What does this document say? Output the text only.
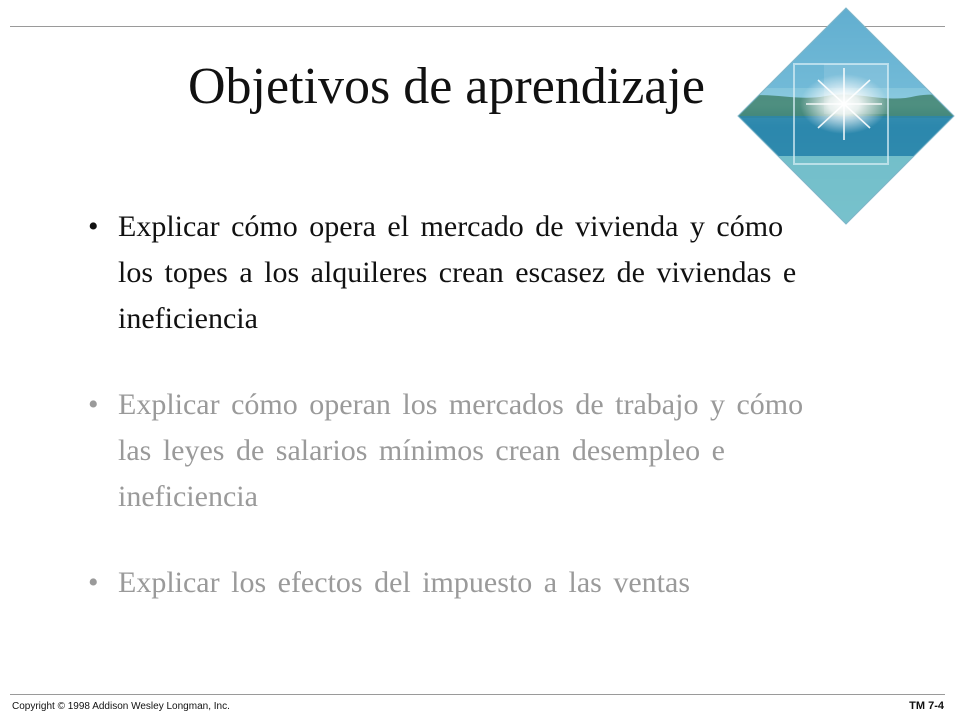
Objetivos de aprendizaje
• Explicar cómo opera el mercado de vivienda y cómo los topes a los alquileres crean escasez de viviendas e ineficiencia
• Explicar cómo operan los mercados de trabajo y cómo las leyes de salarios mínimos crean desempleo e ineficiencia
• Explicar los efectos del impuesto a las ventas
Copyright © 1998 Addison Wesley Longman, Inc.	TM 7-4
